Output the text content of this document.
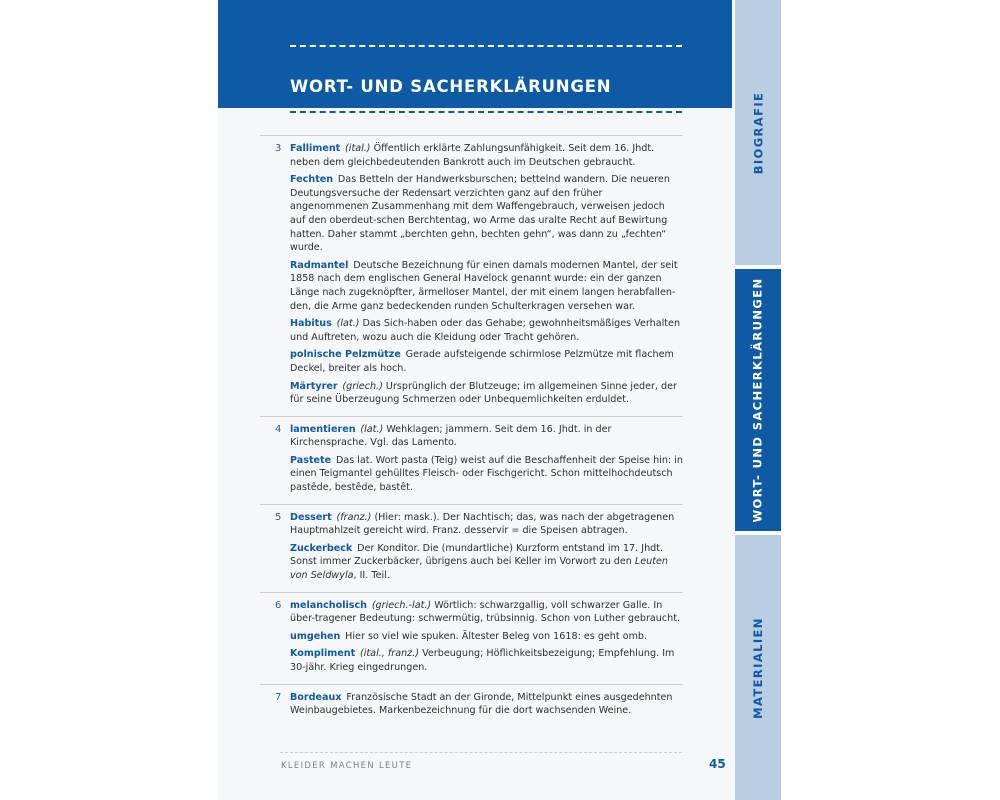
WORT- UND SACHERKLÄRUNGEN
BIOGRAFIE
WORT- UND SACHERKLÄRUNGEN
MATERIALIEN
3 Falliment  (ital.) Öffentlich erklärte Zahlungsunfähigkeit. Seit dem 16. Jhdt. neben dem gleichbedeutenden Bankrott auch im Deutschen gebraucht.

Fechten  Das Betteln der Handwerksburschen; bettelnd wandern. Die neueren Deutungsversuche der Redensart verzichten ganz auf den früher angenommenen Zusammenhang mit dem Waffengebrauch, verweisen jedoch auf den oberdeut-schen Berchtentag, wo Arme das uralte Recht auf Bewirtung hatten. Daher stammt „berchten gehn, bechten gehn“, was dann zu „fechten“ wurde.

Radmantel  Deutsche Bezeichnung für einen damals modernen Mantel, der seit 1858 nach dem englischen General Havelock genannt wurde: ein der ganzen Länge nach zugeknöpfter, ärmelloser Mantel, der mit einem langen herabfallen-den, die Arme ganz bedeckenden runden Schulterkragen versehen war.

Habitus  (lat.) Das Sich-haben oder das Gehabe; gewohnheitsmäßiges Verhalten und Auftreten, wozu auch die Kleidung oder Tracht gehören.

polnische Pelzmütze  Gerade aufsteigende schirmlose Pelzmütze mit flachem Deckel, breiter als hoch.

Märtyrer  (griech.) Ursprünglich der Blutzeuge; im allgemeinen Sinne jeder, der für seine Überzeugung Schmerzen oder Unbequemlichkeiten erduldet.

4 lamentieren  (lat.) Wehklagen; jammern. Seit dem 16. Jhdt. in der Kirchensprache. Vgl. das Lamento.

Pastete  Das lat. Wort pasta (Teig) weist auf die Beschaffenheit der Speise hin: in einen Teigmantel gehülltes Fleisch- oder Fischgericht. Schon mittelhochdeutsch pastêde, bestêde, bastêt.

5 Dessert  (franz.) (Hier: mask.). Der Nachtisch; das, was nach der abgetragenen Hauptmahlzeit gereicht wird. Franz. desservir = die Speisen abtragen.

Zuckerbeck  Der Konditor. Die (mundartliche) Kurzform entstand im 17. Jhdt. Sonst immer Zuckerbäcker, übrigens auch bei Keller im Vorwort zu den Leuten von Seldwyla, II. Teil.

6 melancholisch  (griech.-lat.) Wörtlich: schwarzgallig, voll schwarzer Galle. In über-tragener Bedeutung: schwermütig, trübsinnig. Schon von Luther gebraucht.

umgehen  Hier so viel wie spuken. Ältester Beleg von 1618: es geht omb.

Kompliment  (ital., franz.) Verbeugung; Höflichkeitsbezeigung; Empfehlung. Im 30-jähr. Krieg eingedrungen.

7 Bordeaux  Französische Stadt an der Gironde, Mittelpunkt eines ausgedehnten Weinbaugebietes. Markenbezeichnung für die dort wachsenden Weine.

KLEIDER MACHEN LEUTE	45
